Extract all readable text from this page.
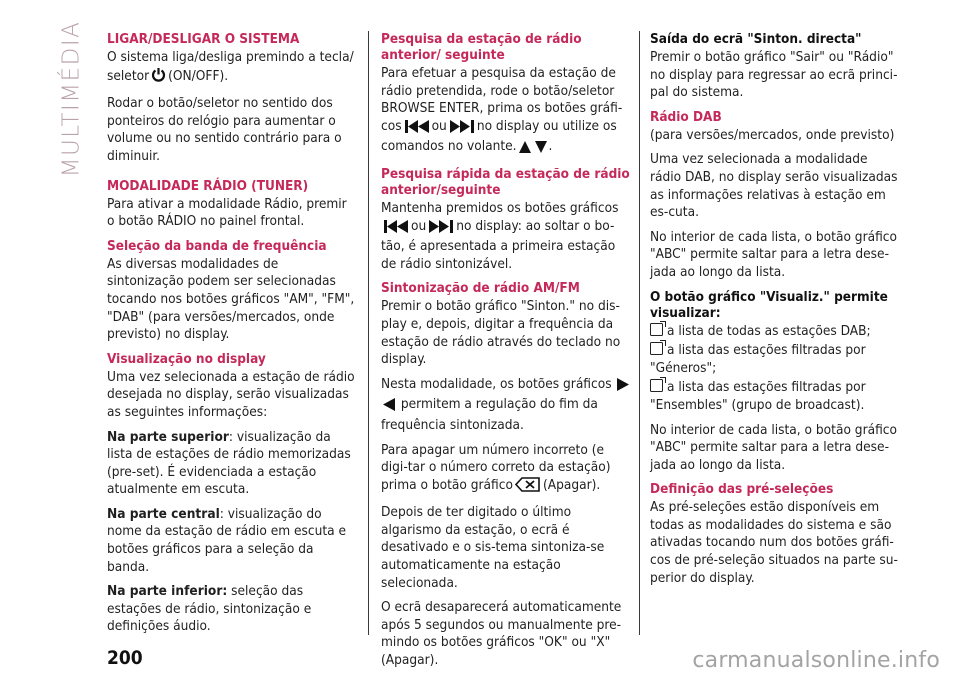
MULTIMÉDIA LIGAR/DESLIGAR O SISTEMA

O sistema liga/desliga premindo a tecla/ seletor (ON/OFF).

Rodar o botão/seletor no sentido dos ponteiros do relógio para aumentar o volume ou no sentido contrário para o diminuir.

MODALIDADE RÁDIO (TUNER)

Para ativar a modalidade Rádio, premir o botão RÁDIO no painel frontal.

Seleção da banda de frequência

As diversas modalidades de sintonização podem ser selecionadas tocando nos botões gráficos "AM", "FM", "DAB" (para versões/mercados, onde previsto) no display.

Visualização no display

Uma vez selecionada a estação de rádio desejada no display, serão visualizadas as seguintes informações:

Na parte superior: visualização da lista de estações de rádio memorizadas (pre-set). É evidenciada a estação atualmente em escuta.

Na parte central: visualização do nome da estação de rádio em escuta e botões gráficos para a seleção da banda.

Na parte inferior: seleção das estações de rádio, sintonização e definições áudio.

Pesquisa da estação de rádio anterior/ seguinte

Para efetuar a pesquisa da estação de rádio pretendida, rode o botão/seletor BROWSE ENTER, prima os botões gráfi-cos ou no display ou utilize os comandos no volante. .

Pesquisa rápida da estação de rádio anterior/seguinte

Mantenha premidos os botões gráficos ou no display: ao soltar o bo-tão, é apresentada a primeira estação de rádio sintonizável.

Sintonização de rádio AM/FM

Premir o botão gráfico "Sinton." no dis-play e, depois, digitar a frequência da estação de rádio através do teclado no display.

Nesta modalidade, os botões gráficos  permitem a regulação do fim da frequência sintonizada.

Para apagar um número incorreto (e digi-tar o número correto da estação) prima o botão gráfico (Apagar).

Depois de ter digitado o último algarismo da estação, o ecrã é desativado e o sis-tema sintoniza-se automaticamente na estação selecionada.

O ecrã desaparecerá automaticamente após 5 segundos ou manualmente pre-mindo os botões gráficos "OK" ou "X" (Apagar).

Saída do ecrã "Sinton. directa"

Premir o botão gráfico "Sair" ou "Rádio" no display para regressar ao ecrã princi-pal do sistema.

Rádio DAB

(para versões/mercados, onde previsto)

Uma vez selecionada a modalidade rádio DAB, no display serão visualizadas as informações relativas à estação em es-cuta.

No interior de cada lista, o botão gráfico "ABC" permite saltar para a letra dese-jada ao longo da lista.

O botão gráfico "Visualiz." permite visualizar:

a lista de todas as estações DAB;

a lista das estações filtradas por "Géneros";

a lista das estações filtradas por "Ensembles" (grupo de broadcast).

No interior de cada lista, o botão gráfico "ABC" permite saltar para a letra dese-jada ao longo da lista.

Definição das pré-seleções

As pré-seleções estão disponíveis em todas as modalidades do sistema e são ativadas tocando num dos botões gráfi-cos de pré-seleção situados na parte su-perior do display.

200	carmanualsonline.info
